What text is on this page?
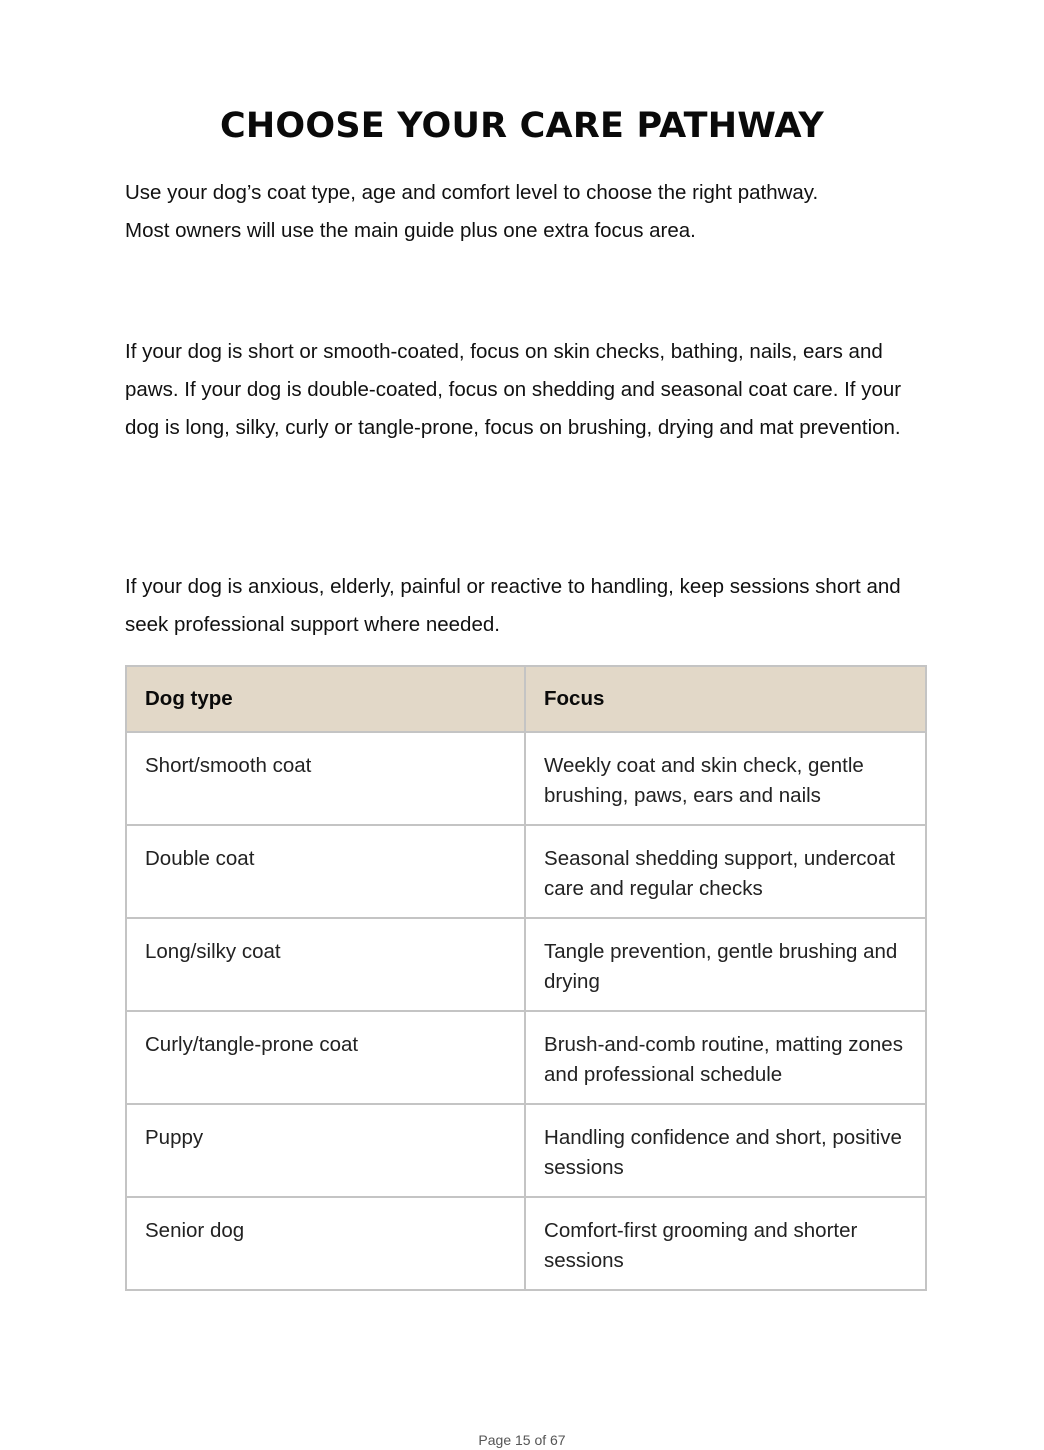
CHOOSE YOUR CARE PATHWAY

Use your dog’s coat type, age and comfort level to choose the right pathway.
Most owners will use the main guide plus one extra focus area.

If your dog is short or smooth-coated, focus on skin checks, bathing, nails, ears and paws. If your dog is double-coated, focus on shedding and seasonal coat care. If your dog is long, silky, curly or tangle-prone, focus on brushing, drying and mat prevention.

If your dog is anxious, elderly, painful or reactive to handling, keep sessions short and seek professional support where needed.

Dog type	Focus
Short/smooth coat	Weekly coat and skin check, gentle brushing, paws, ears and nails
Double coat	Seasonal shedding support, undercoat care and regular checks
Long/silky coat	Tangle prevention, gentle brushing and drying
Curly/tangle-prone coat	Brush-and-comb routine, matting zones and professional schedule
Puppy	Handling confidence and short, positive sessions
Senior dog	Comfort-first grooming and shorter sessions
Page 15 of 67
